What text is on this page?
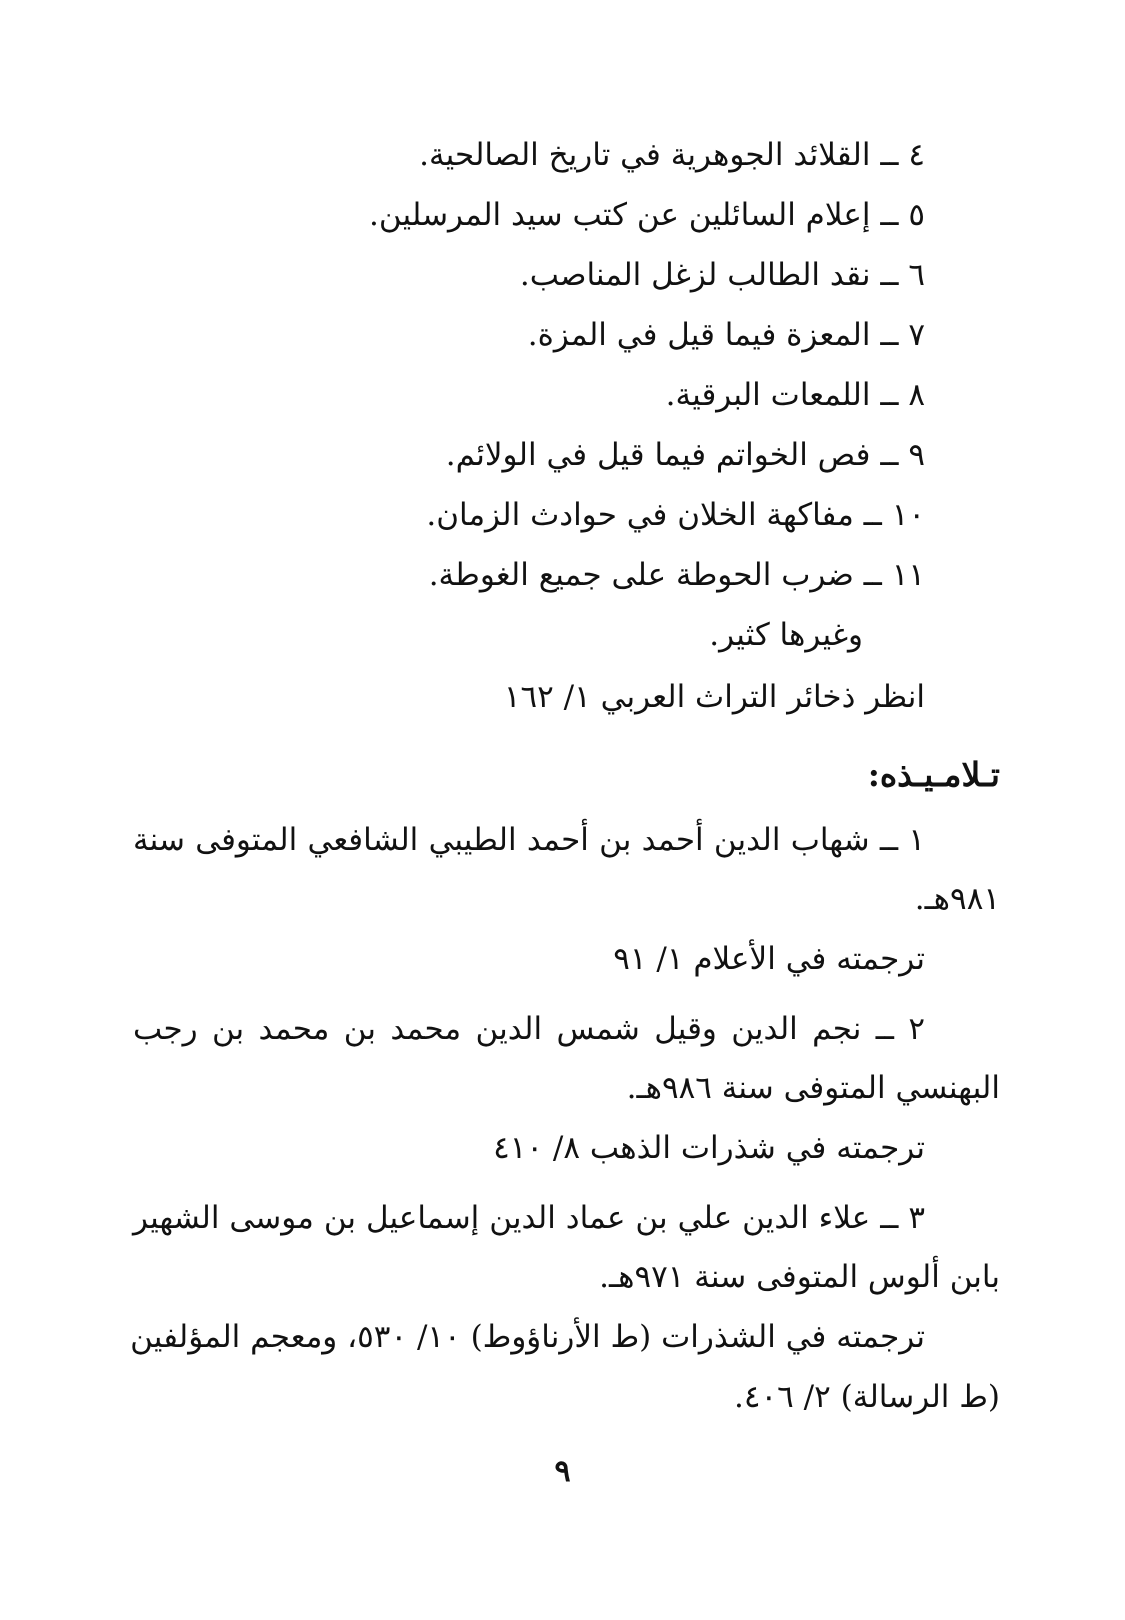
٤ ــ القلائد الجوهرية في تاريخ الصالحية.
٥ ــ إعلام السائلين عن كتب سيد المرسلين.
٦ ــ نقد الطالب لزغل المناصب.
٧ ــ المعزة فيما قيل في المزة.
٨ ــ اللمعات البرقية.
٩ ــ فص الخواتم فيما قيل في الولائم.
١٠ ــ مفاكهة الخلان في حوادث الزمان.
١١ ــ ضرب الحوطة على جميع الغوطة.
وغيرها كثير.
انظر ذخائر التراث العربي ١/ ١٦٢
تـلامـيـذه:
١ ــ شهاب الدين أحمد بن أحمد الطيبي الشافعي المتوفى سنة
٩٨١هـ.
ترجمته في الأعلام ١/ ٩١
٢ ــ نجم الدين وقيل شمس الدين محمد بن محمد بن رجب
البهنسي المتوفى سنة ٩٨٦هـ.
ترجمته في شذرات الذهب ٨/ ٤١٠
٣ ــ علاء الدين علي بن عماد الدين إسماعيل بن موسى الشهير
بابن ألوس المتوفى سنة ٩٧١هـ.
ترجمته في الشذرات (ط الأرناؤوط) ١٠/ ٥٣٠، ومعجم المؤلفين
(ط الرسالة) ٢/ ٤٠٦.
٩
